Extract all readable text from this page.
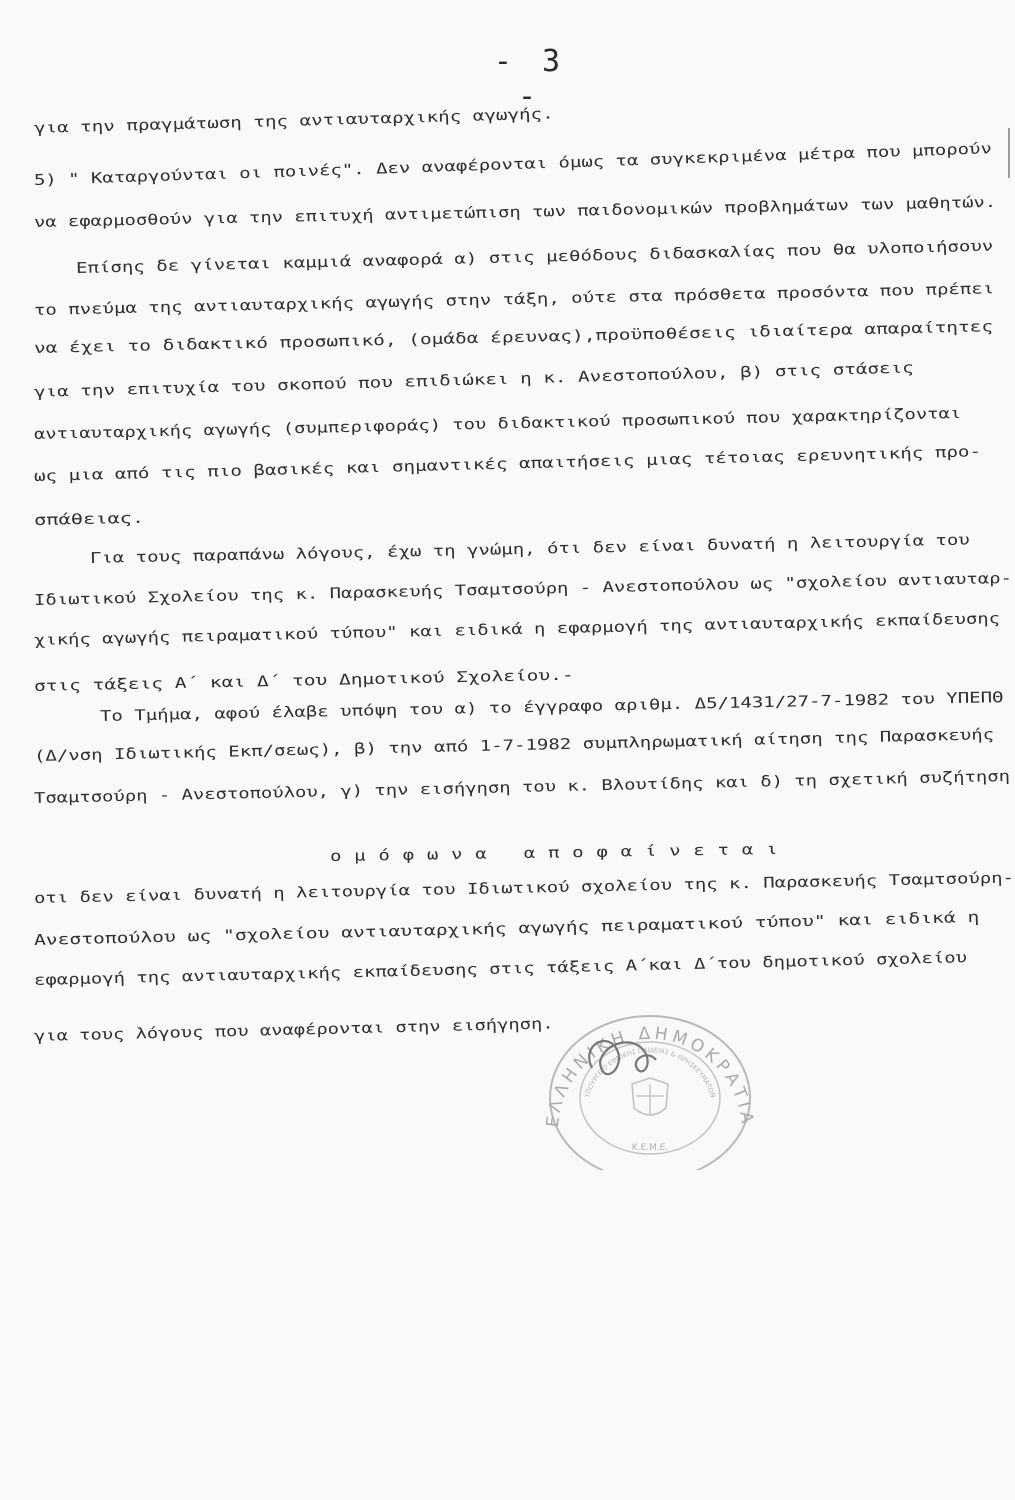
- 3 -
για την πραγμάτωση της αντιαυταρχικής αγωγής.
5) " Καταργούνται οι ποινές". Δεν αναφέρονται όμως τα συγκεκριμένα μέτρα που μπορούν
να εφαρμοσθούν για την επιτυχή αντιμετώπιση των παιδονομικών προβλημάτων των μαθητών.
Επίσης δε γίνεται καμμιά αναφορά α) στις μεθόδους διδασκαλίας που θα υλοποιήσουν
το πνεύμα της αντιαυταρχικής αγωγής στην τάξη, ούτε στα πρόσθετα προσόντα που πρέπει
να έχει το διδακτικό προσωπικό, (ομάδα έρευνας),προϋποθέσεις ιδιαίτερα απαραίτητες
για την επιτυχία του σκοπού που επιδιώκει η κ. Ανεστοπούλου, β) στις στάσεις
αντιαυταρχικής αγωγής (συμπεριφοράς) του διδακτικού προσωπικού που χαρακτηρίζονται
ως μια από τις πιο βασικές και σημαντικές απαιτήσεις μιας τέτοιας ερευνητικής προ-
σπάθειας.
Για τους παραπάνω λόγους, έχω τη γνώμη, ότι δεν είναι δυνατή η λειτουργία του
Ιδιωτικού Σχολείου της κ. Παρασκευής Τσαμτσούρη - Ανεστοπούλου ως "σχολείου αντιαυταρ-
χικής αγωγής πειραματικού τύπου" και ειδικά η εφαρμογή της αντιαυταρχικής εκπαίδευσης
στις τάξεις Α΄ και Δ΄ του Δημοτικού Σχολείου.-
Το Τμήμα, αφού έλαβε υπόψη του α) το έγγραφο αριθμ. Δ5/1431/27-7-1982 του ΥΠΕΠΘ
(Δ/νση Ιδιωτικής Εκπ/σεως), β) την από 1-7-1982 συμπληρωματική αίτηση της Παρασκευής
Τσαμτσούρη - Ανεστοπούλου, γ) την εισήγηση του κ. Βλουτίδης και δ) τη σχετική συζήτηση
ομόφωνα αποφαίνεται
οτι δεν είναι δυνατή η λειτουργία του Ιδιωτικού σχολείου της κ. Παρασκευής Τσαμτσούρη-
Ανεστοπούλου ως "σχολείου αντιαυταρχικής αγωγής πειραματικού τύπου" και ειδικά η
εφαρμογή της αντιαυταρχικής εκπαίδευσης στις τάξεις Α΄και Δ΄του δημοτικού σχολείου
για τους λόγους που αναφέρονται στην εισήγηση.
ΕΛΛΗΝΙΚΗ ΔΗΜΟΚΡΑΤΙΑ
ΥΠΟΥΡΓΕΙΟ ΕΘΝΙΚΗΣ ΠΑΙΔΕΙΑΣ & ΘΡΗΣΚΕΥΜΑΤΩΝ
Κ.Ε.Μ.Ε.
